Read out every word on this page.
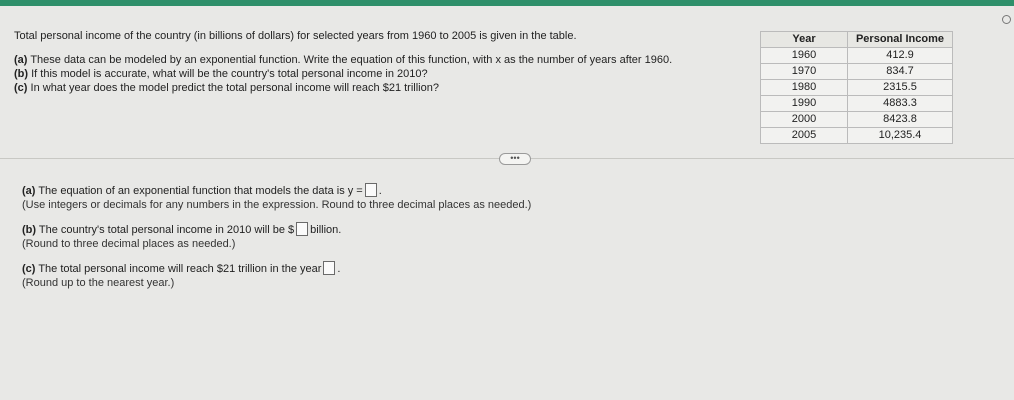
Total personal income of the country (in billions of dollars) for selected years from 1960 to 2005 is given in the table.

(a) These data can be modeled by an exponential function. Write the equation of this function, with x as the number of years after 1960.

(b) If this model is accurate, what will be the country's total personal income in 2010?

(c) In what year does the model predict the total personal income will reach $21 trillion?

Year	Personal Income
1960	412.9
1970	834.7
1980	2315.5
1990	4883.3
2000	8423.8
2005	10,235.4
•••
(a) The equation of an exponential function that models the data is y = .
(Use integers or decimals for any numbers in the expression. Round to three decimal places as needed.)
(b) The country's total personal income in 2010 will be $ billion.
(Round to three decimal places as needed.)
(c) The total personal income will reach $21 trillion in the year .
(Round up to the nearest year.)
